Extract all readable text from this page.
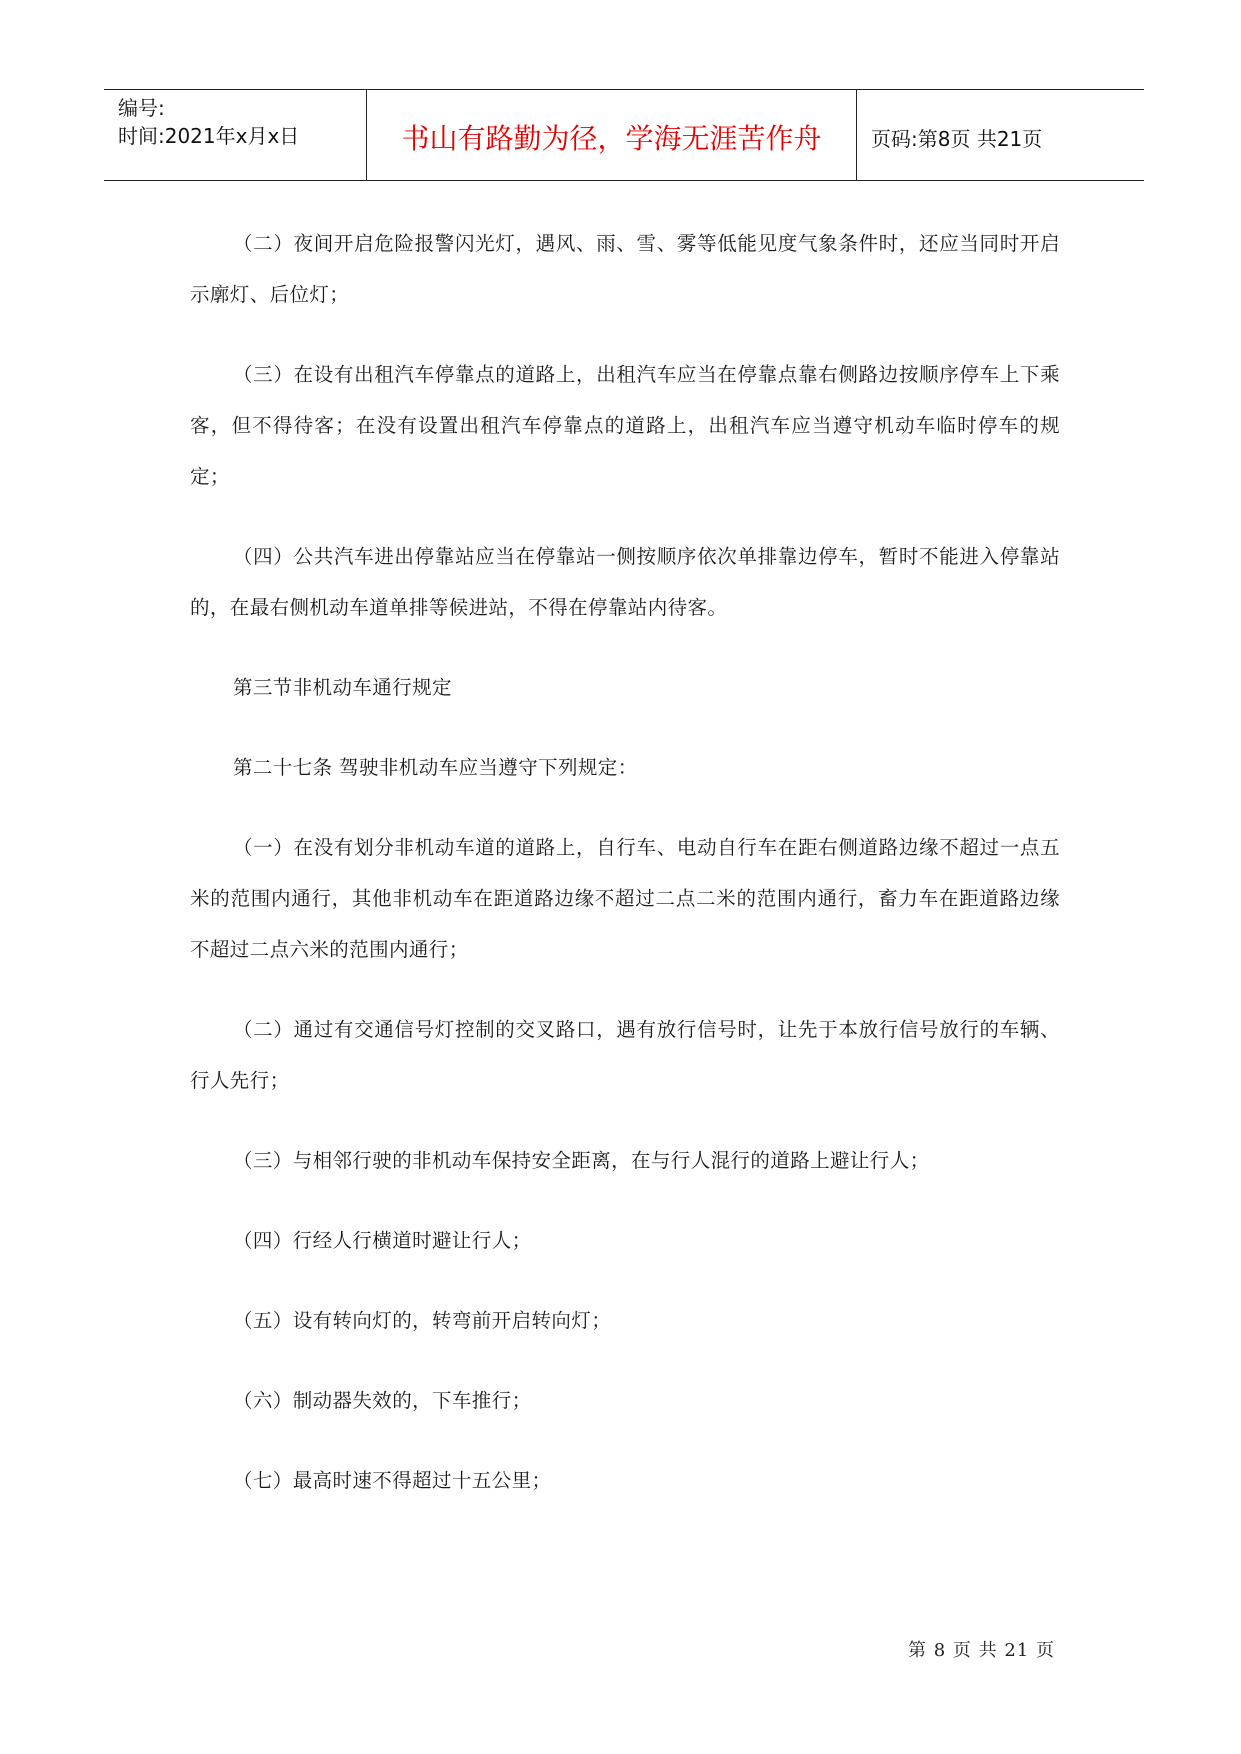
编号:
时间:2021年x月x日	书山有路勤为径，学海无涯苦作舟	页码:第8页 共21页

（二）夜间开启危险报警闪光灯，遇风、雨、雪、雾等低能见度气象条件时，还应当同时开启示廓灯、后位灯；

（三）在设有出租汽车停靠点的道路上，出租汽车应当在停靠点靠右侧路边按顺序停车上下乘客，但不得待客；在没有设置出租汽车停靠点的道路上，出租汽车应当遵守机动车临时停车的规定；

（四）公共汽车进出停靠站应当在停靠站一侧按顺序依次单排靠边停车，暂时不能进入停靠站的，在最右侧机动车道单排等候进站，不得在停靠站内待客。

第三节非机动车通行规定

第二十七条 驾驶非机动车应当遵守下列规定：

（一）在没有划分非机动车道的道路上，自行车、电动自行车在距右侧道路边缘不超过一点五米的范围内通行，其他非机动车在距道路边缘不超过二点二米的范围内通行，畜力车在距道路边缘不超过二点六米的范围内通行；

（二）通过有交通信号灯控制的交叉路口，遇有放行信号时，让先于本放行信号放行的车辆、行人先行；

（三）与相邻行驶的非机动车保持安全距离，在与行人混行的道路上避让行人；

（四）行经人行横道时避让行人；

（五）设有转向灯的，转弯前开启转向灯；

（六）制动器失效的，下车推行；

（七）最高时速不得超过十五公里；

第 8 页 共 21 页
